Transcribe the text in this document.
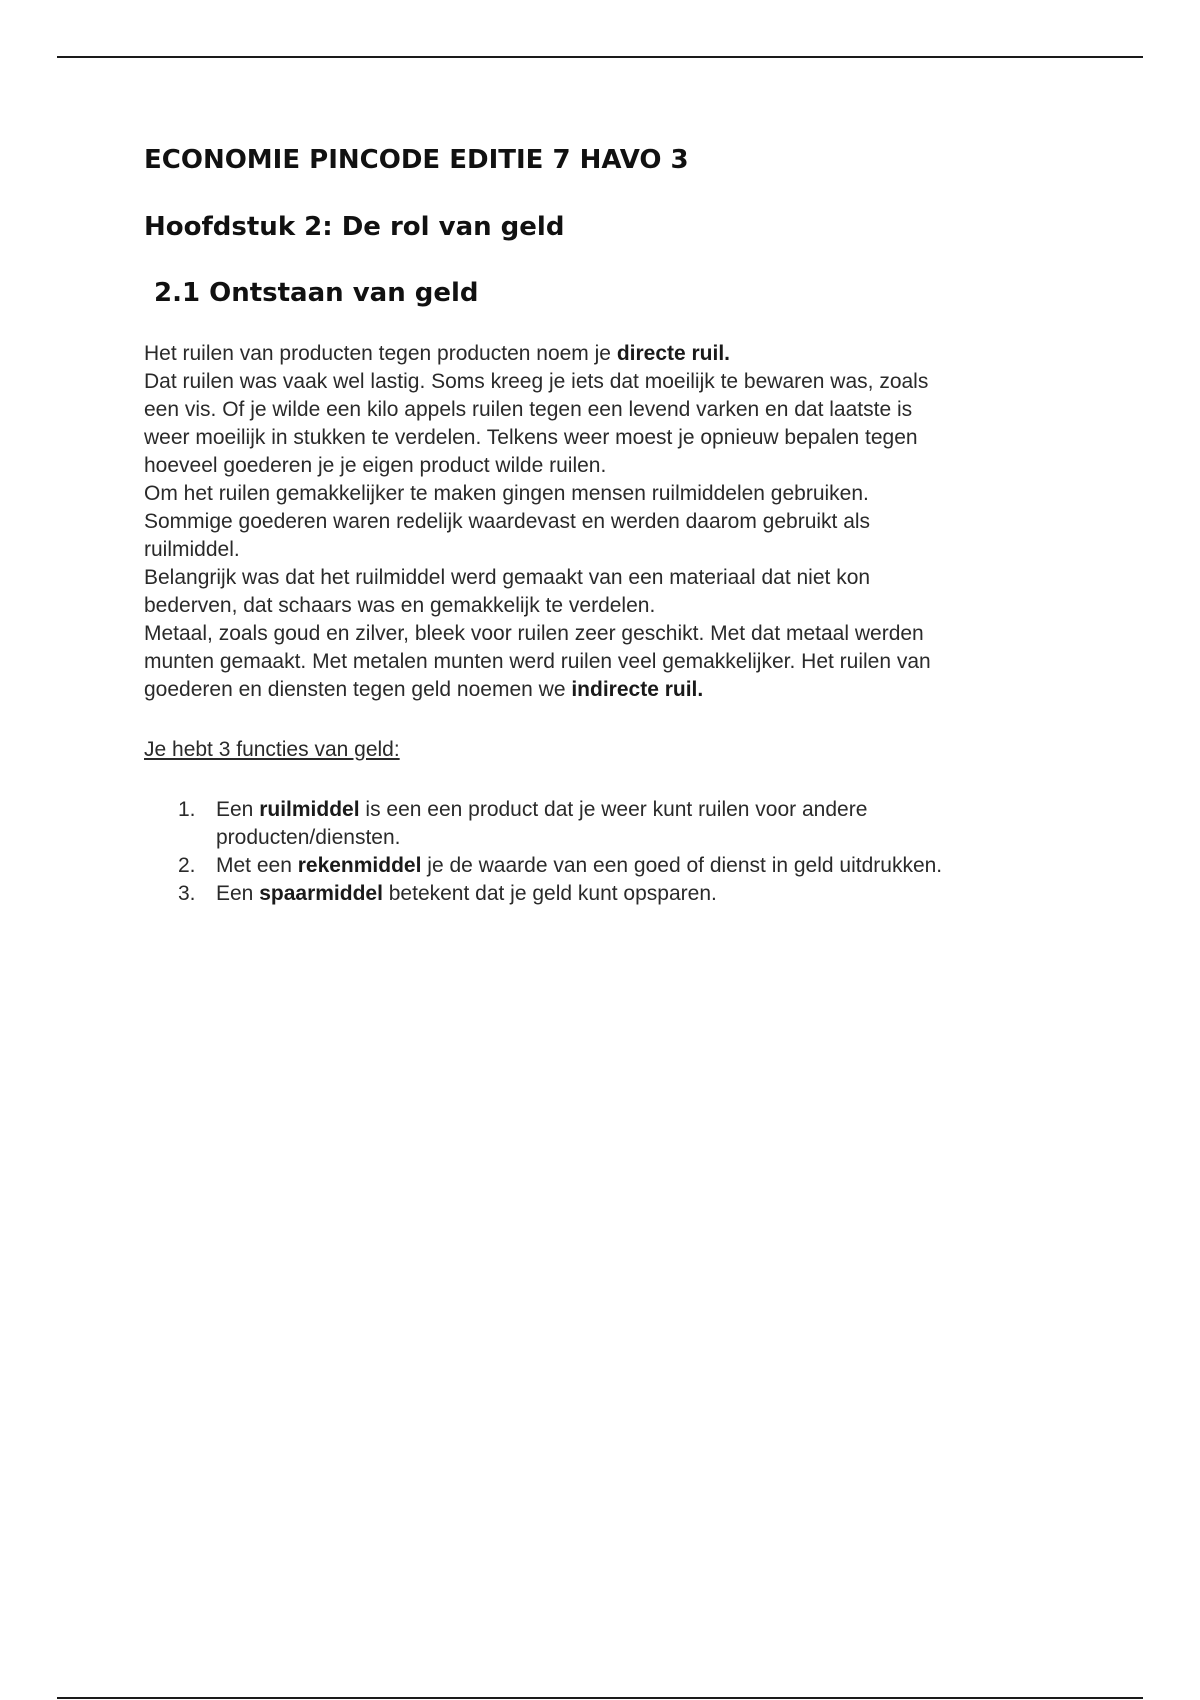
ECONOMIE PINCODE EDITIE 7 HAVO 3
Hoofdstuk 2: De rol van geld
2.1 Ontstaan van geld

Het ruilen van producten tegen producten noem je directe ruil.
Dat ruilen was vaak wel lastig. Soms kreeg je iets dat moeilijk te bewaren was, zoals
een vis. Of je wilde een kilo appels ruilen tegen een levend varken en dat laatste is
weer moeilijk in stukken te verdelen. Telkens weer moest je opnieuw bepalen tegen
hoeveel goederen je je eigen product wilde ruilen.
Om het ruilen gemakkelijker te maken gingen mensen ruilmiddelen gebruiken.
Sommige goederen waren redelijk waardevast en werden daarom gebruikt als
ruilmiddel.
Belangrijk was dat het ruilmiddel werd gemaakt van een materiaal dat niet kon
bederven, dat schaars was en gemakkelijk te verdelen.
Metaal, zoals goud en zilver, bleek voor ruilen zeer geschikt. Met dat metaal werden
munten gemaakt. Met metalen munten werd ruilen veel gemakkelijker. Het ruilen van
goederen en diensten tegen geld noemen we indirecte ruil.

Je hebt 3 functies van geld:
1. Een ruilmiddel is een een product dat je weer kunt ruilen voor andere
producten/diensten.
2. Met een rekenmiddel je de waarde van een goed of dienst in geld uitdrukken.
3. Een spaarmiddel betekent dat je geld kunt opsparen.
